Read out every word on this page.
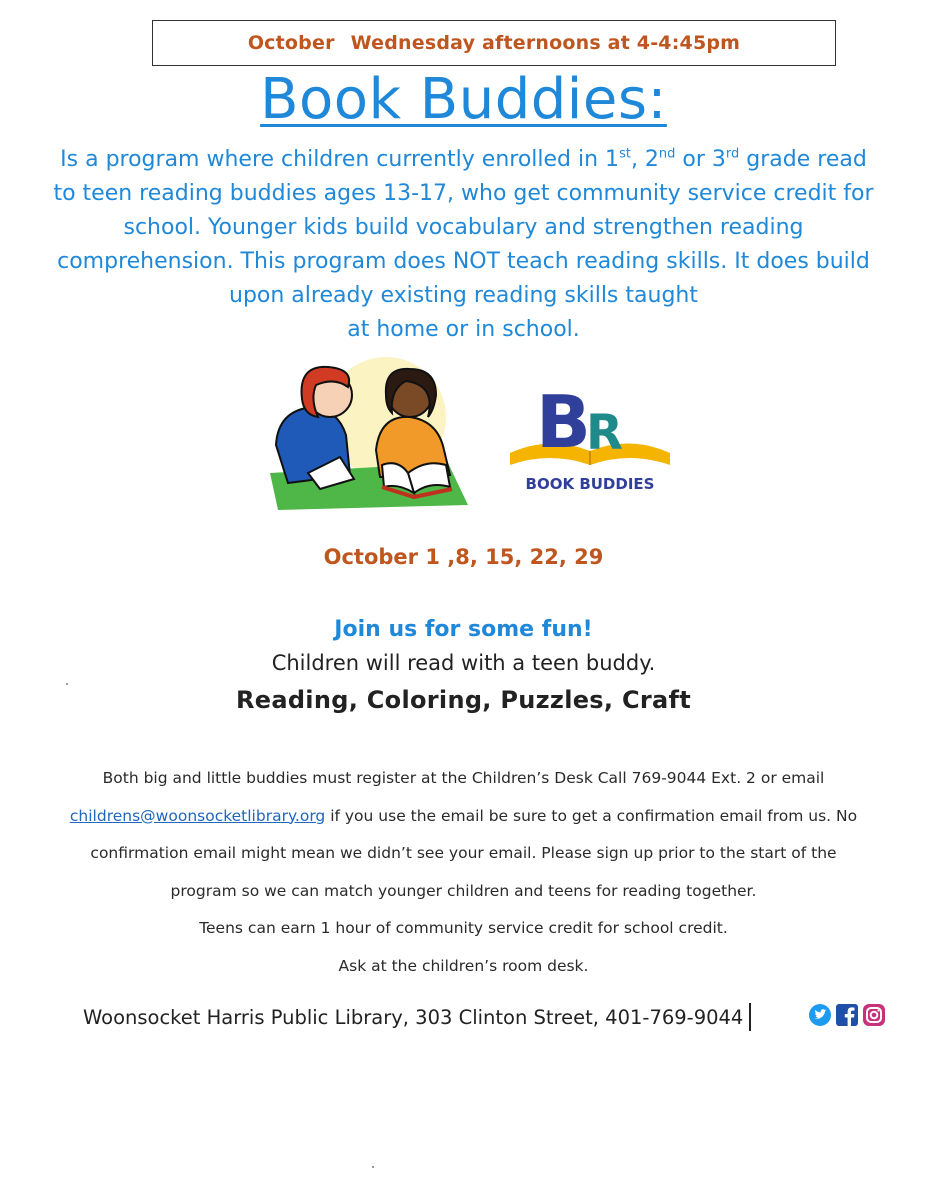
October Wednesday afternoons at 4-4:45pm
Book Buddies:
Is a program where children currently enrolled in 1st, 2nd or 3rd grade read
to teen reading buddies ages 13-17, who get community service credit for
school. Younger kids build vocabulary and strengthen reading
comprehension. This program does NOT teach reading skills. It does build
upon already existing reading skills taught
at home or in school.
B
R
BOOK BUDDIES
October 1 ,8, 15, 22, 29
Join us for some fun!
Children will read with a teen buddy.
Reading, Coloring, Puzzles, Craft
Both big and little buddies must register at the Children’s Desk Call 769-9044 Ext. 2 or email
childrens@woonsocketlibrary.org if you use the email be sure to get a confirmation email from us. No
confirmation email might mean we didn’t see your email. Please sign up prior to the start of the
program so we can match younger children and teens for reading together.
Teens can earn 1 hour of community service credit for school credit.
Ask at the children’s room desk.
Woonsocket Harris Public Library, 303 Clinton Street, 401-769-9044
